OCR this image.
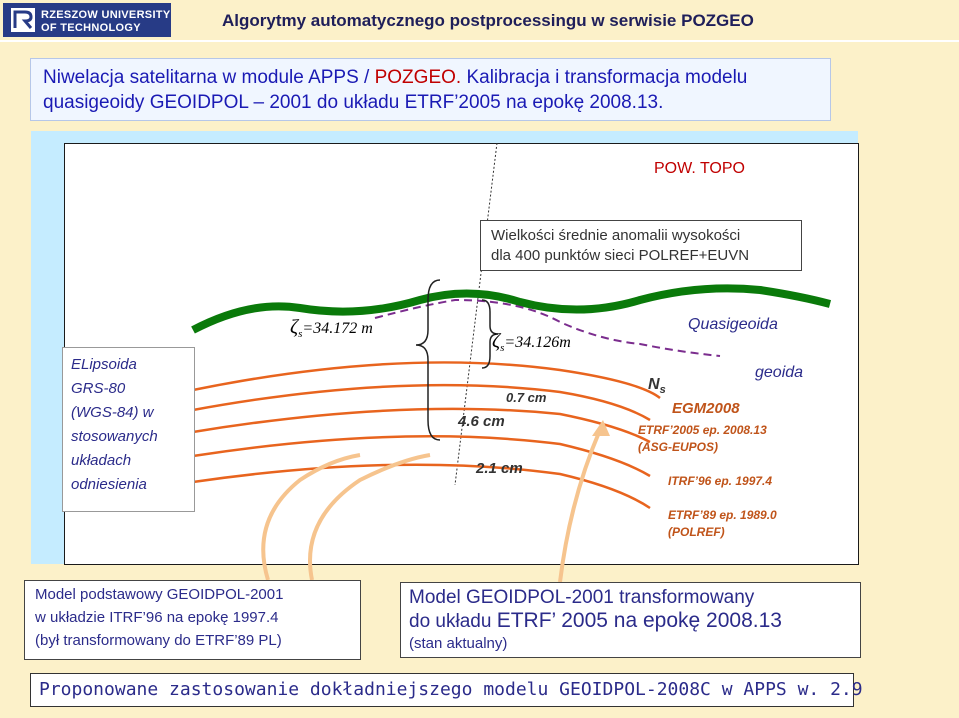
RZESZOW UNIVERSITY
OF TECHNOLOGY	Algorytmy automatycznego postprocessingu w serwisie POZGEO
Niwelacja satelitarna w module APPS / POZGEO. Kalibracja i transformacja modelu
quasigeoidy GEOIDPOL – 2001 do układu ETRF’2005 na epokę 2008.13.
ELipsoida
GRS-80
(WGS-84) w
stosowanych
układach
odniesienia
POW. TOPO
Wielkości średnie anomalii wysokości
dla 400 punktów sieci POLREF+EUVN
$\zeta_s=34.172$ m
$\zeta_s=34.126m$
Quasigeoida
geoida
$N_s$
EGM2008
ETRF’2005 ep. 2008.13
(ASG-EUPOS)
ITRF’96 ep. 1997.4
ETRF’89 ep. 1989.0
(POLREF)
0.7 cm
4.6 cm
2.1 cm
Model podstawowy GEOIDPOL-2001
w układzie ITRF’96 na epokę 1997.4
(był transformowany do ETRF’89 PL)
Model GEOIDPOL-2001 transformowany
do układu ETRF’ 2005 na epokę 2008.13
(stan aktualny)
Proponowane zastosowanie dokładniejszego modelu GEOIDPOL-2008C w APPS w. 2.9
